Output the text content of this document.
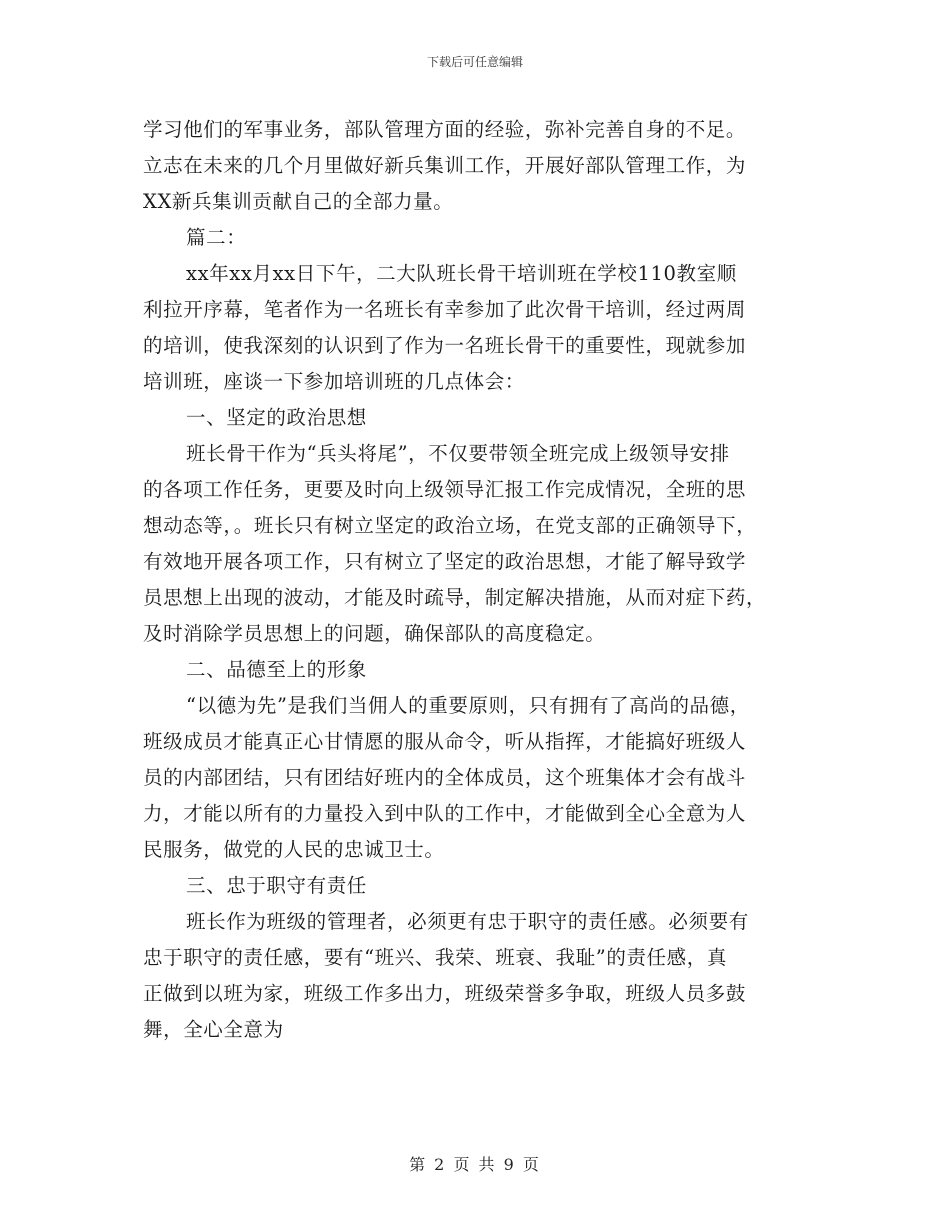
下载后可任意编辑
学习他们的军事业务，部队管理方面的经验，弥补完善自身的不足。
立志在未来的几个月里做好新兵集训工作，开展好部队管理工作，为
XX新兵集训贡献自己的全部力量。
篇二：
xx年xx月xx日下午，二大队班长骨干培训班在学校110教室顺
利拉开序幕，笔者作为一名班长有幸参加了此次骨干培训，经过两周
的培训，使我深刻的认识到了作为一名班长骨干的重要性，现就参加
培训班，座谈一下参加培训班的几点体会：
一、坚定的政治思想
班长骨干作为“兵头将尾”，不仅要带领全班完成上级领导安排
的各项工作任务，更要及时向上级领导汇报工作完成情况，全班的思
想动态等，。班长只有树立坚定的政治立场，在党支部的正确领导下，
有效地开展各项工作，只有树立了坚定的政治思想，才能了解导致学
员思想上出现的波动，才能及时疏导，制定解决措施，从而对症下药，
及时消除学员思想上的问题，确保部队的高度稳定。
二、品德至上的形象
“以德为先”是我们当佣人的重要原则，只有拥有了高尚的品德，
班级成员才能真正心甘情愿的服从命令，听从指挥，才能搞好班级人
员的内部团结，只有团结好班内的全体成员，这个班集体才会有战斗
力，才能以所有的力量投入到中队的工作中，才能做到全心全意为人
民服务，做党的人民的忠诚卫士。
三、忠于职守有责任
班长作为班级的管理者，必须更有忠于职守的责任感。必须要有
忠于职守的责任感，要有“班兴、我荣、班衰、我耻”的责任感，真
正做到以班为家，班级工作多出力，班级荣誉多争取，班级人员多鼓
舞，全心全意为
第 2 页 共 9 页
